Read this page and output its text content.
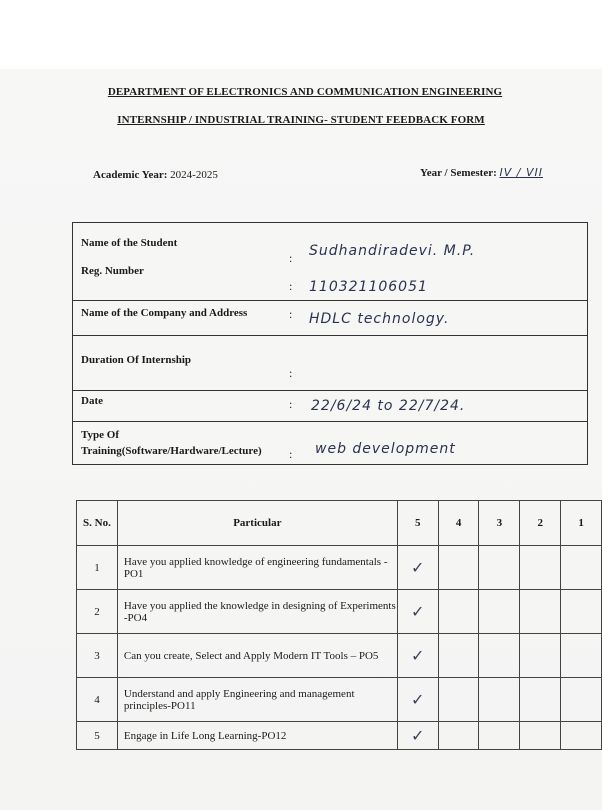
DEPARTMENT OF ELECTRONICS AND COMMUNICATION ENGINEERING
INTERNSHIP / INDUSTRIAL TRAINING- STUDENT FEEDBACK FORM
Academic Year: 2024-2025	Year / Semester: IV / VII
Name of the Student
: Sudhandiradevi. M.P.
Reg. Number
: 110321106051
Name of the Company and Address	: HDLC technology.
Duration Of Internship
:
Date	: 22/6/24 to 22/7/24.
Type Of
Training(Software/Hardware/Lecture) : web development
S. No.	Particular	5	4	3	2	1
1	Have you applied knowledge of engineering fundamentals -PO1	✓				
2	Have you applied the knowledge in designing of Experiments -PO4	✓				
3	Can you create, Select and Apply Modern IT Tools – PO5	✓				
4	Understand and apply Engineering and management principles-PO11	✓				
5	Engage in Life Long Learning-PO12	✓				
